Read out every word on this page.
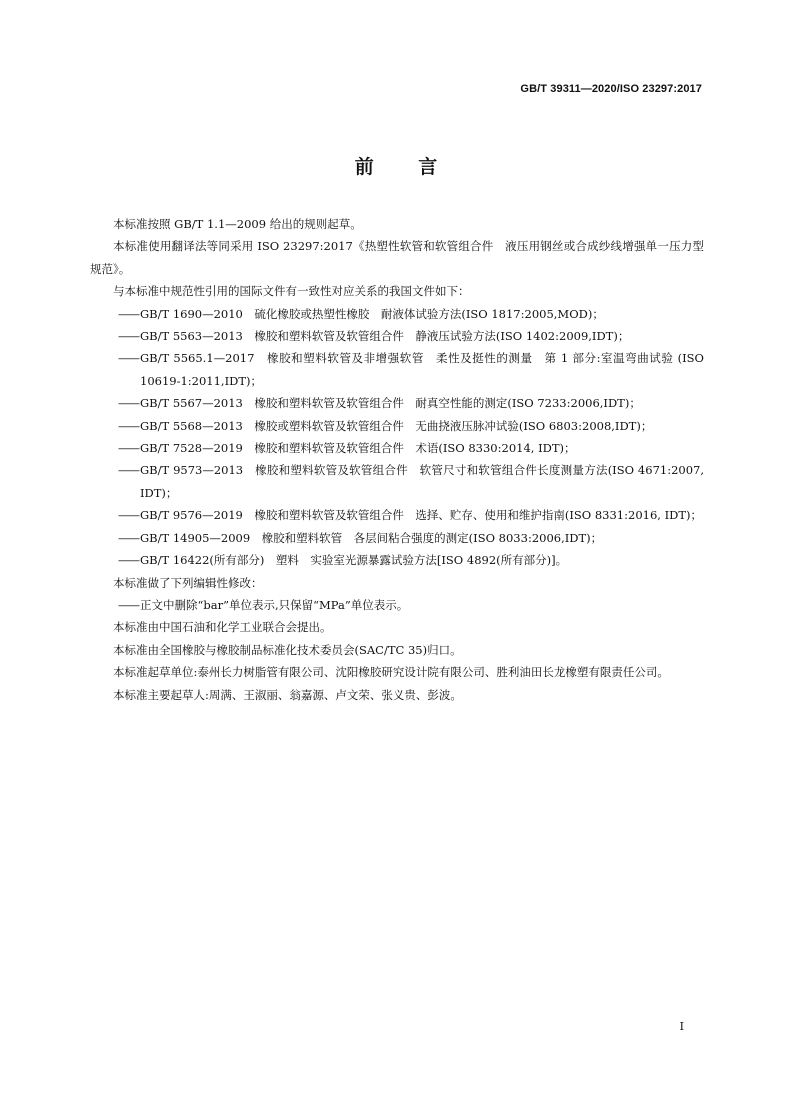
GB/T 39311—2020/ISO 23297:2017
前 言
本标准按照 GB/T 1.1—2009 给出的规则起草。
本标准使用翻译法等同采用 ISO 23297:2017《热塑性软管和软管组合件　液压用钢丝或合成纱线增强单一压力型　规范》。
与本标准中规范性引用的国际文件有一致性对应关系的我国文件如下：
—— GB/T 1690—2010　硫化橡胶或热塑性橡胶　耐液体试验方法(ISO 1817:2005,MOD)；
—— GB/T 5563—2013　橡胶和塑料软管及软管组合件　静液压试验方法(ISO 1402:2009,IDT)；
—— GB/T 5565.1—2017　橡胶和塑料软管及非增强软管　柔性及挺性的测量　第 1 部分:室温弯曲试验 (ISO 10619-1:2011,IDT)；
—— GB/T 5567—2013　橡胶和塑料软管及软管组合件　耐真空性能的测定(ISO 7233:2006,IDT)；
—— GB/T 5568—2013　橡胶或塑料软管及软管组合件　无曲挠液压脉冲试验(ISO 6803:2008,IDT)；
—— GB/T 7528—2019　橡胶和塑料软管及软管组合件　术语(ISO 8330:2014, IDT)；
—— GB/T 9573—2013　橡胶和塑料软管及软管组合件　软管尺寸和软管组合件长度测量方法(ISO 4671:2007, IDT)；
—— GB/T 9576—2019　橡胶和塑料软管及软管组合件　选择、贮存、使用和维护指南(ISO 8331:2016, IDT)；
—— GB/T 14905—2009　橡胶和塑料软管　各层间粘合强度的测定(ISO 8033:2006,IDT)；
—— GB/T 16422(所有部分)　塑料　实验室光源暴露试验方法[ISO 4892(所有部分)]。
本标准做了下列编辑性修改：
—— 正文中删除“bar”单位表示,只保留“MPa”单位表示。
本标准由中国石油和化学工业联合会提出。
本标准由全国橡胶与橡胶制品标准化技术委员会(SAC/TC 35)归口。
本标准起草单位:泰州长力树脂管有限公司、沈阳橡胶研究设计院有限公司、胜利油田长龙橡塑有限责任公司。
本标准主要起草人:周满、王淑丽、翁嘉源、卢文荣、张义贵、彭波。
I
